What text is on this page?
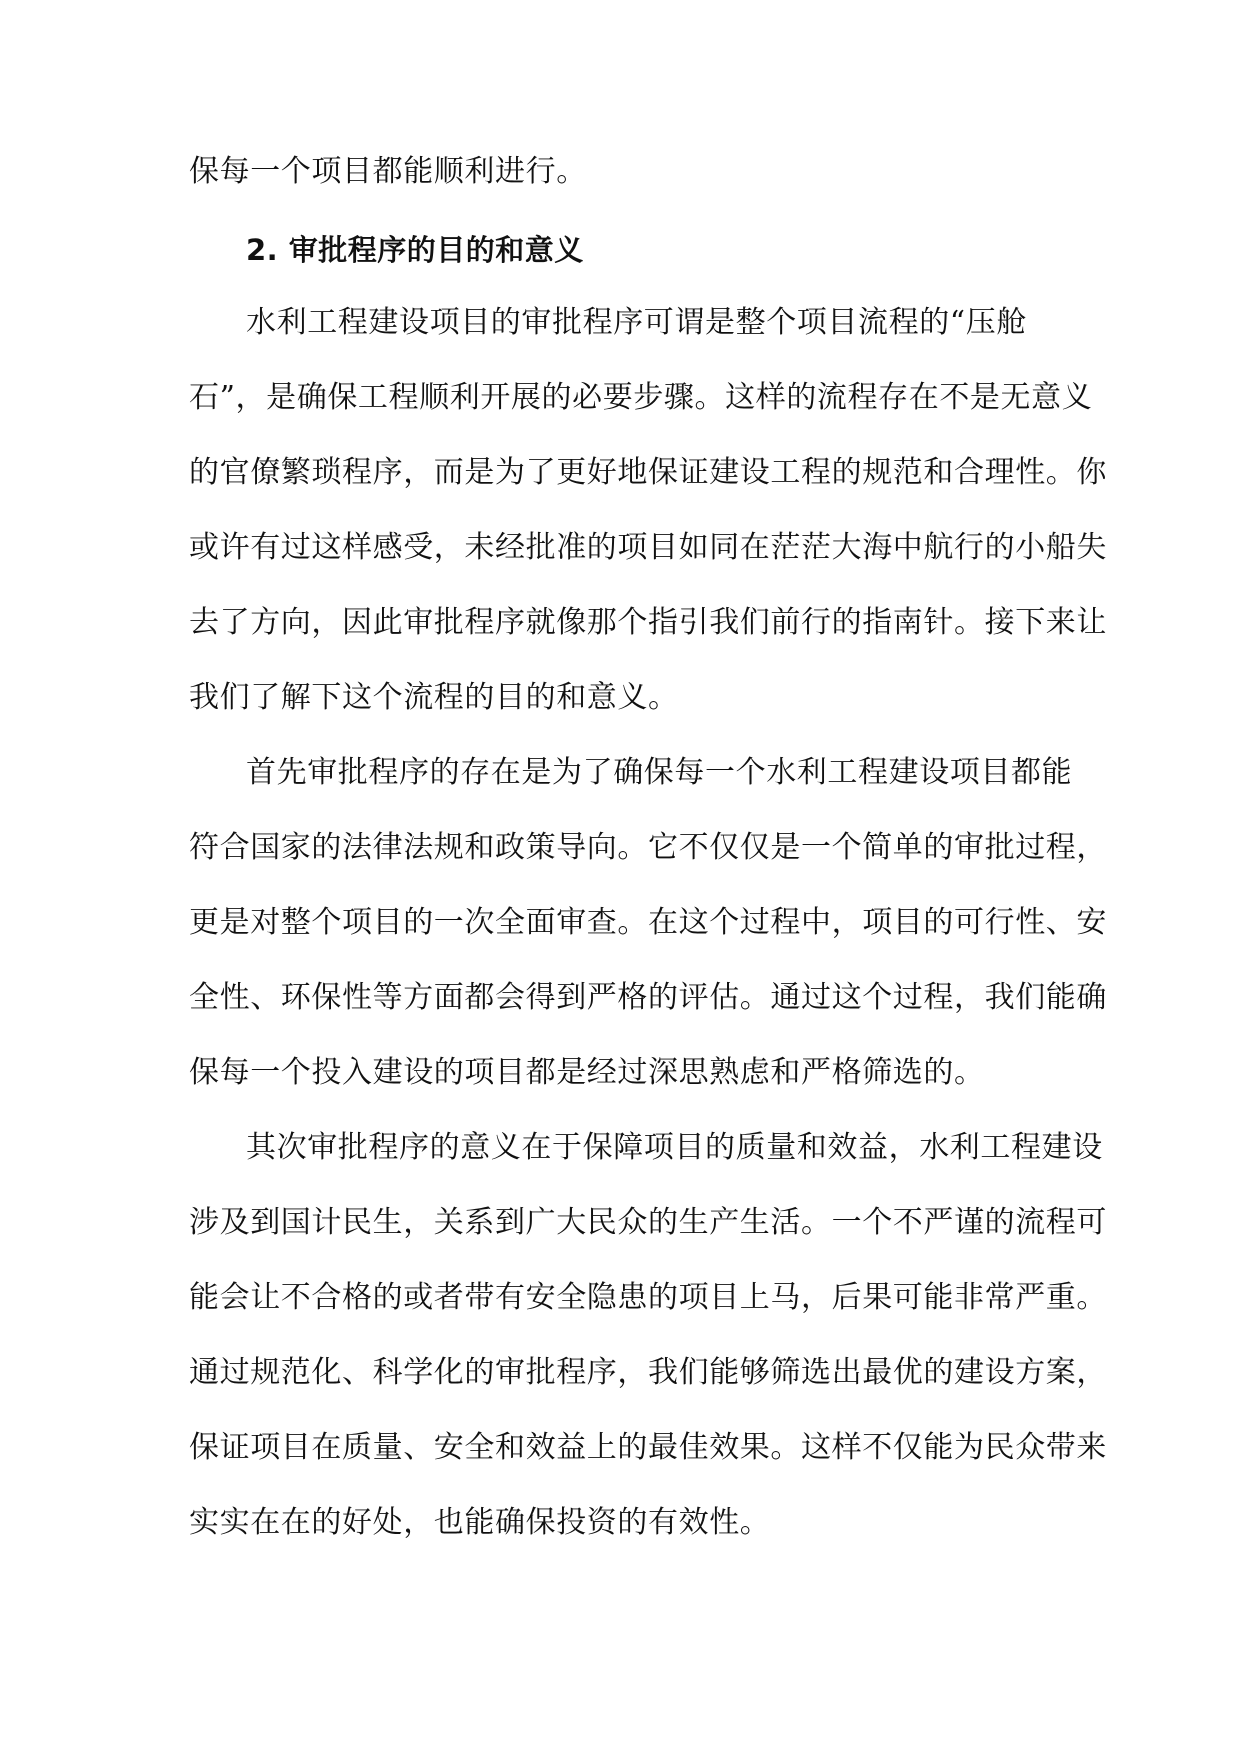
保每一个项目都能顺利进行。
2. 审批程序的目的和意义
水利工程建设项目的审批程序可谓是整个项目流程的“压舱
石”，是确保工程顺利开展的必要步骤。这样的流程存在不是无意义
的官僚繁琐程序，而是为了更好地保证建设工程的规范和合理性。你
或许有过这样感受，未经批准的项目如同在茫茫大海中航行的小船失
去了方向，因此审批程序就像那个指引我们前行的指南针。接下来让
我们了解下这个流程的目的和意义。
首先审批程序的存在是为了确保每一个水利工程建设项目都能
符合国家的法律法规和政策导向。它不仅仅是一个简单的审批过程，
更是对整个项目的一次全面审查。在这个过程中，项目的可行性、安
全性、环保性等方面都会得到严格的评估。通过这个过程，我们能确
保每一个投入建设的项目都是经过深思熟虑和严格筛选的。
其次审批程序的意义在于保障项目的质量和效益，水利工程建设
涉及到国计民生，关系到广大民众的生产生活。一个不严谨的流程可
能会让不合格的或者带有安全隐患的项目上马，后果可能非常严重。
通过规范化、科学化的审批程序，我们能够筛选出最优的建设方案，
保证项目在质量、安全和效益上的最佳效果。这样不仅能为民众带来
实实在在的好处，也能确保投资的有效性。
